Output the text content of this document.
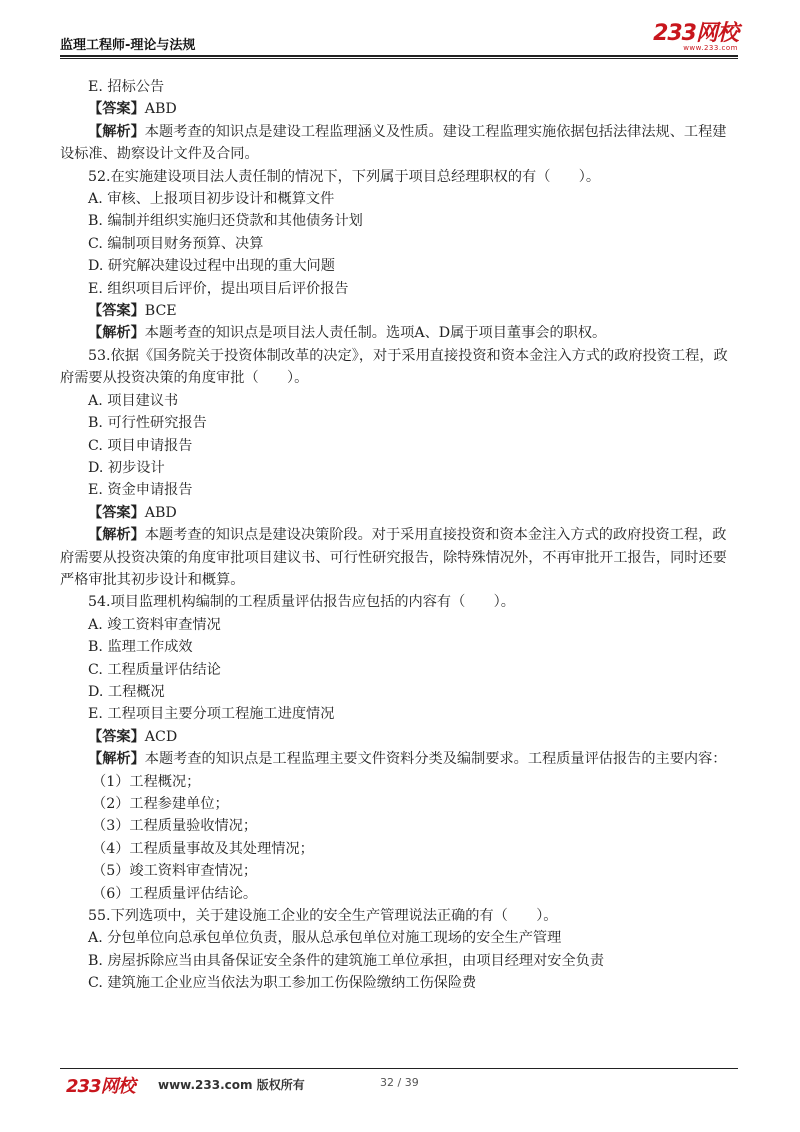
监理工程师-理论与法规	233网校
www.233.com

E. 招标公告

【答案】ABD

【解析】本题考查的知识点是建设工程监理涵义及性质。建设工程监理实施依据包括法律法规、工程建设标准、勘察设计文件及合同。

52.在实施建设项目法人责任制的情况下，下列属于项目总经理职权的有（　　）。

A. 审核、上报项目初步设计和概算文件

B. 编制并组织实施归还贷款和其他债务计划

C. 编制项目财务预算、决算

D. 研究解决建设过程中出现的重大问题

E. 组织项目后评价，提出项目后评价报告

【答案】BCE

【解析】本题考查的知识点是项目法人责任制。选项A、D属于项目董事会的职权。

53.依据《国务院关于投资体制改革的决定》，对于采用直接投资和资本金注入方式的政府投资工程，政府需要从投资决策的角度审批（　　）。

A. 项目建议书

B. 可行性研究报告

C. 项目申请报告

D. 初步设计

E. 资金申请报告

【答案】ABD

【解析】本题考查的知识点是建设决策阶段。对于采用直接投资和资本金注入方式的政府投资工程，政府需要从投资决策的角度审批项目建议书、可行性研究报告，除特殊情况外，不再审批开工报告，同时还要严格审批其初步设计和概算。

54.项目监理机构编制的工程质量评估报告应包括的内容有（　　）。

A. 竣工资料审查情况

B. 监理工作成效

C. 工程质量评估结论

D. 工程概况

E. 工程项目主要分项工程施工进度情况

【答案】ACD

【解析】本题考查的知识点是工程监理主要文件资料分类及编制要求。工程质量评估报告的主要内容：

（1）工程概况；

（2）工程参建单位；

（3）工程质量验收情况；

（4）工程质量事故及其处理情况；

（5）竣工资料审查情况；

（6）工程质量评估结论。

55.下列选项中，关于建设施工企业的安全生产管理说法正确的有（　　）。

A. 分包单位向总承包单位负责，服从总承包单位对施工现场的安全生产管理

B. 房屋拆除应当由具备保证安全条件的建筑施工单位承担，由项目经理对安全负责

C. 建筑施工企业应当依法为职工参加工伤保险缴纳工伤保险费

233网校 www.233.com 版权所有	32 / 39
